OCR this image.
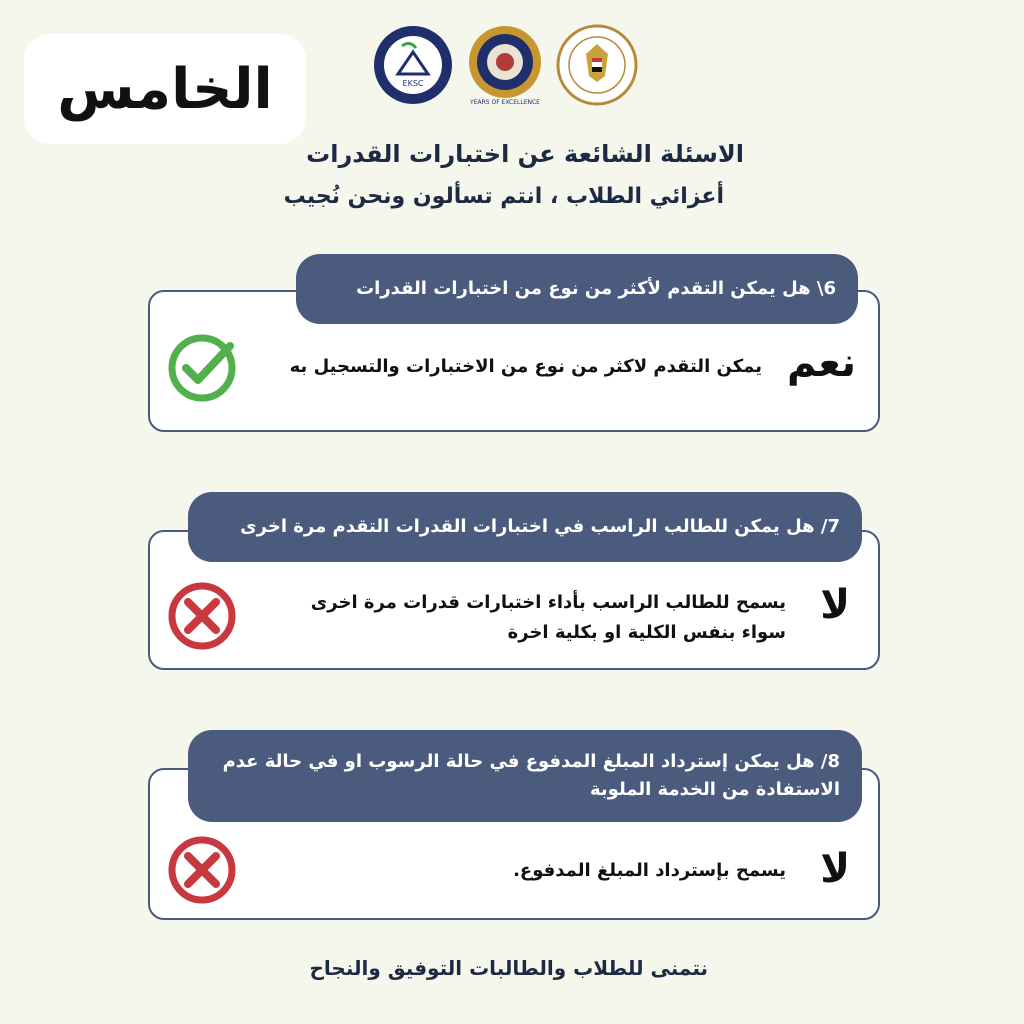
الخامس	EKSC
YEARS OF EXCELLENCE
الاسئلة الشائعة عن اختبارات القدرات
أعزائي الطلاب ، انتم تسألون ونحن نُجيب
6\ هل يمكن التقدم لأكثر من نوع من اختبارات القدرات
نعم
يمكن التقدم لاكثر من نوع من الاختبارات والتسجيل به
7/ هل يمكن للطالب الراسب في اختبارات القدرات التقدم مرة اخرى
لا
يسمح للطالب الراسب بأداء اختبارات قدرات مرة اخرى سواء بنفس الكلية او بكلية اخرة
8/ هل يمكن إسترداد المبلغ المدفوع في حالة الرسوب او في حالة عدم الاستفادة من الخدمة الملوبة
لا
يسمح بإسترداد المبلغ المدفوع.
نتمنى للطلاب والطالبات التوفيق والنجاح
